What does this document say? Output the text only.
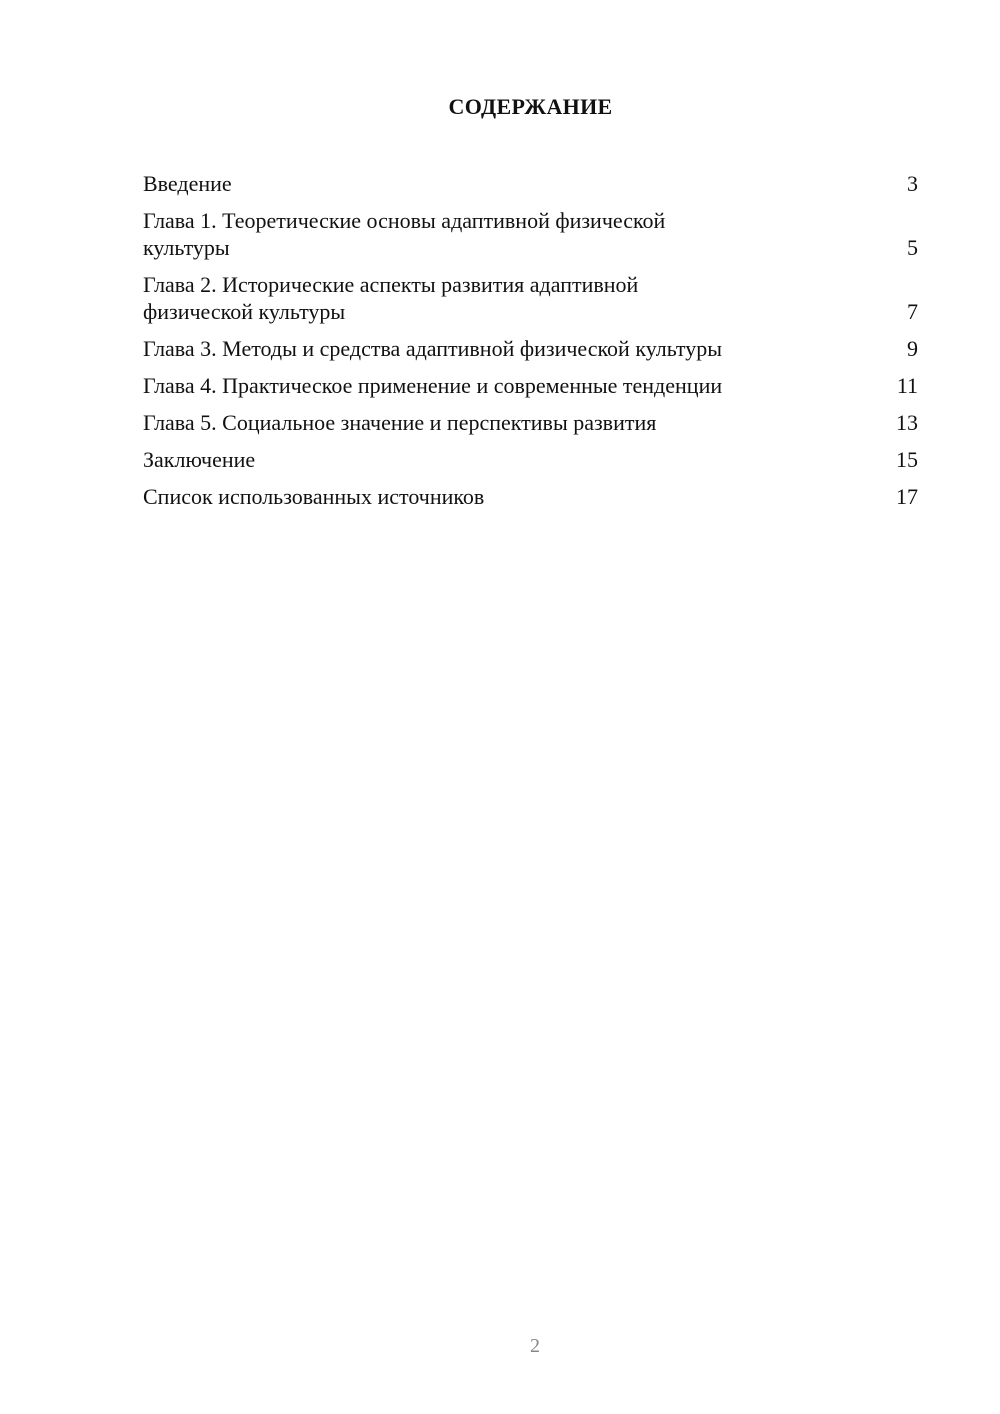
СОДЕРЖАНИЕ
Введение	3
Глава 1. Теоретические основы адаптивной физической культуры	5
Глава 2. Исторические аспекты развития адаптивной физической культуры	7
Глава 3. Методы и средства адаптивной физической культуры	9
Глава 4. Практическое применение и современные тенденции	11
Глава 5. Социальное значение и перспективы развития	13
Заключение	15
Список использованных источников	17
2
